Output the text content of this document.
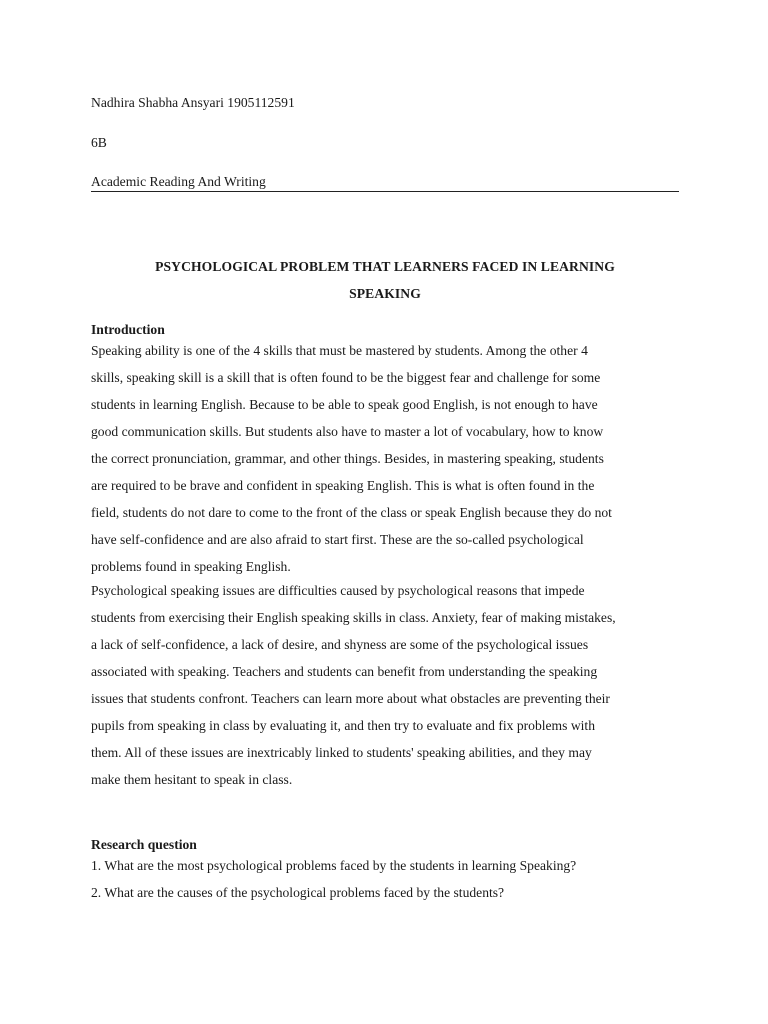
Nadhira Shabha Ansyari 1905112591
6B
Academic Reading And Writing
PSYCHOLOGICAL PROBLEM THAT LEARNERS FACED IN LEARNING
SPEAKING
Introduction
Speaking ability is one of the 4 skills that must be mastered by students. Among the other 4
skills, speaking skill is a skill that is often found to be the biggest fear and challenge for some
students in learning English. Because to be able to speak good English, is not enough to have
good communication skills. But students also have to master a lot of vocabulary, how to know
the correct pronunciation, grammar, and other things. Besides, in mastering speaking, students
are required to be brave and confident in speaking English. This is what is often found in the
field, students do not dare to come to the front of the class or speak English because they do not
have self-confidence and are also afraid to start first. These are the so-called psychological
problems found in speaking English.
Psychological speaking issues are difficulties caused by psychological reasons that impede
students from exercising their English speaking skills in class. Anxiety, fear of making mistakes,
a lack of self-confidence, a lack of desire, and shyness are some of the psychological issues
associated with speaking. Teachers and students can benefit from understanding the speaking
issues that students confront. Teachers can learn more about what obstacles are preventing their
pupils from speaking in class by evaluating it, and then try to evaluate and fix problems with
them. All of these issues are inextricably linked to students' speaking abilities, and they may
make them hesitant to speak in class.
Research question
1. What are the most psychological problems faced by the students in learning Speaking?
2. What are the causes of the psychological problems faced by the students?
